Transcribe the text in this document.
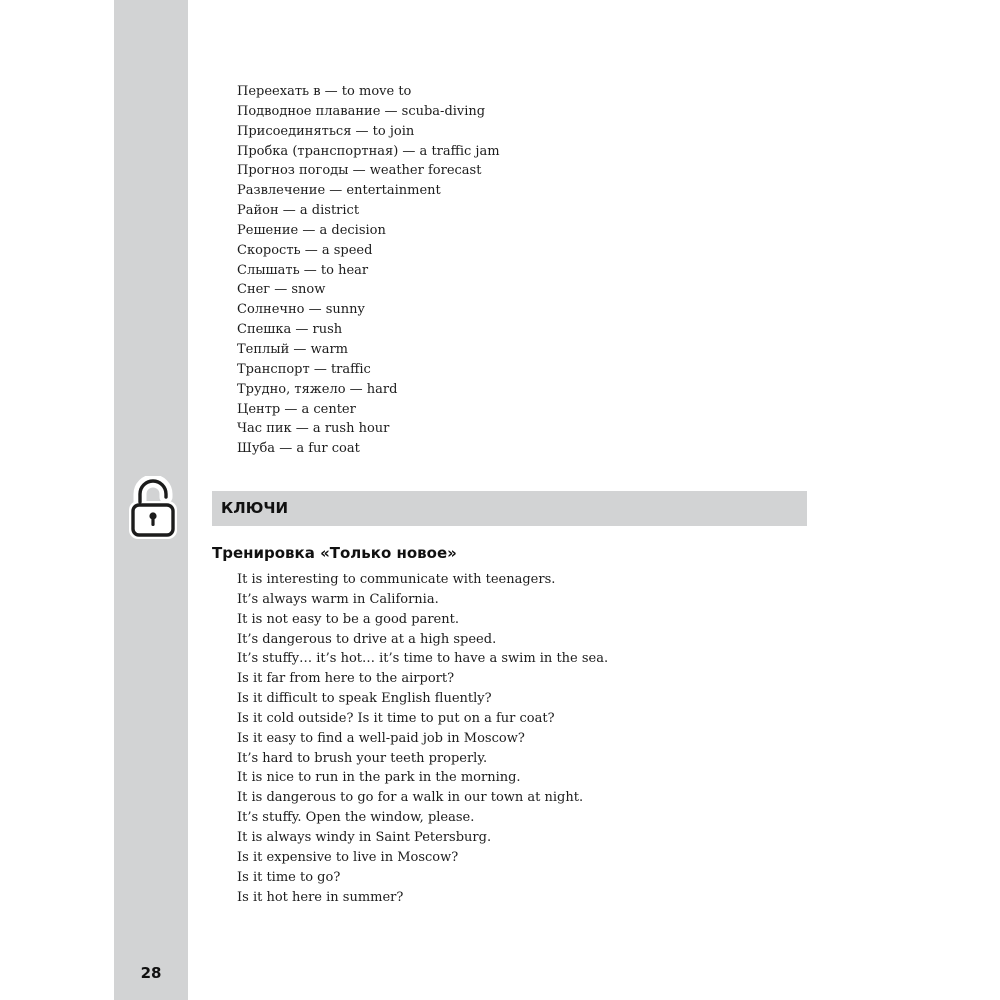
Переехать в — to move to
Подводное плавание — scuba-diving
Присоединяться — to join
Пробка (транспортная) — a traffic jam
Прогноз погоды — weather forecast
Развлечение — entertainment
Район — a district
Решение — a decision
Скорость — a speed
Слышать — to hear
Снег — snow
Солнечно — sunny
Спешка — rush
Теплый — warm
Транспорт — traffic
Трудно, тяжело — hard
Центр — a center
Час пик — a rush hour
Шуба — a fur coat
КЛЮЧИ
Тренировка «Только новое»
It is interesting to communicate with teenagers.
It’s always warm in California.
It is not easy to be a good parent.
It’s dangerous to drive at a high speed.
It’s stuffy… it’s hot… it’s time to have a swim in the sea.
Is it far from here to the airport?
Is it difficult to speak English fluently?
Is it cold outside? Is it time to put on a fur coat?
Is it easy to find a well-paid job in Moscow?
It’s hard to brush your teeth properly.
It is nice to run in the park in the morning.
It is dangerous to go for a walk in our town at night.
It’s stuffy. Open the window, please.
It is always windy in Saint Petersburg.
Is it expensive to live in Moscow?
Is it time to go?
Is it hot here in summer?
28
